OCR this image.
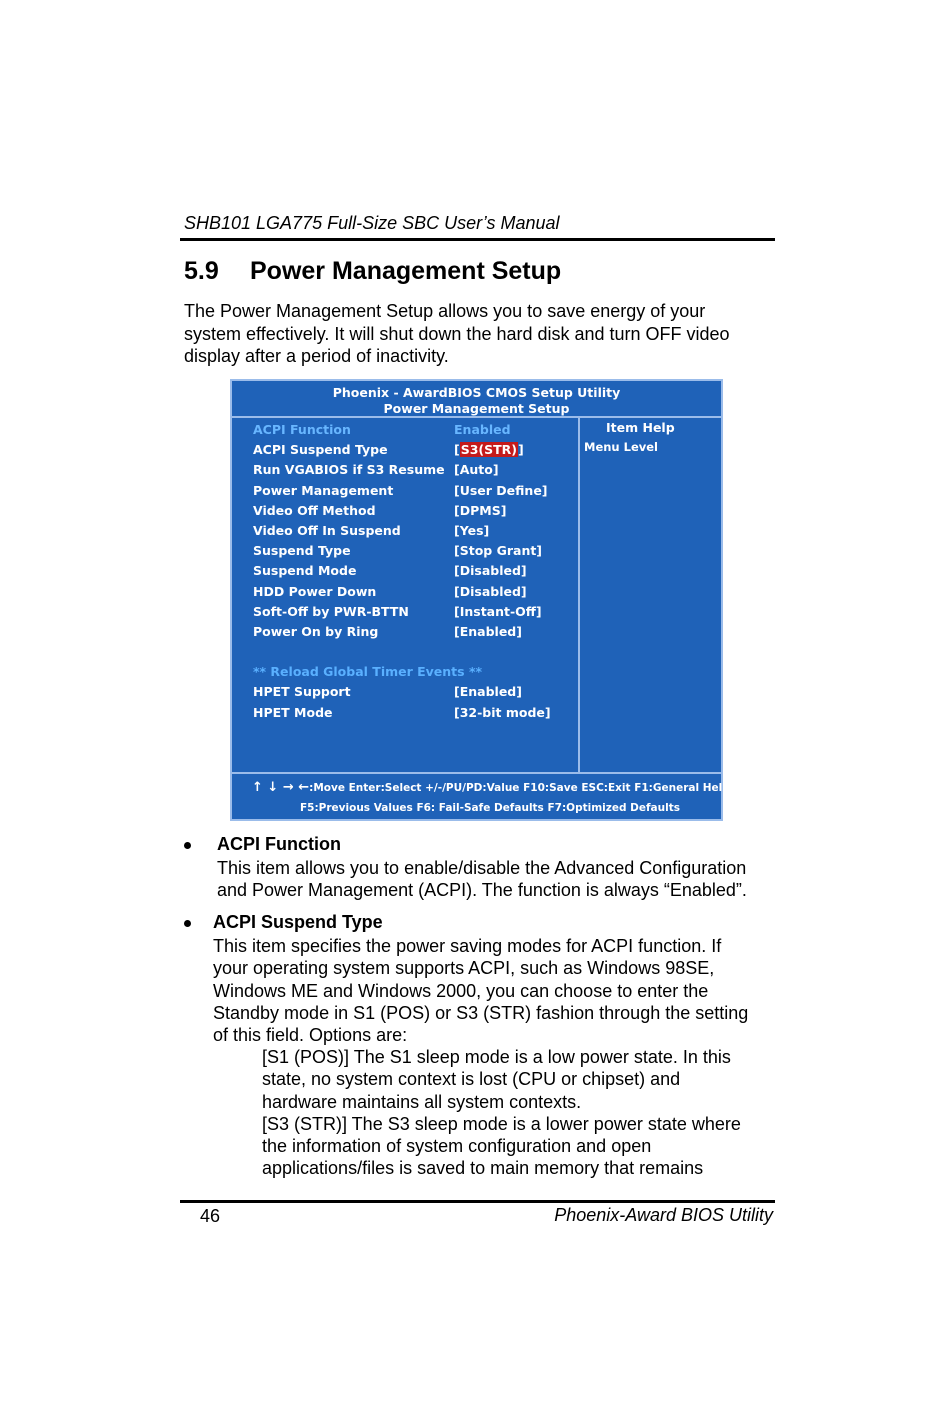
SHB101 LGA775 Full-Size SBC User’s Manual
5.9 Power Management Setup
The Power Management Setup allows you to save energy of your
system effectively. It will shut down the hard disk and turn OFF video
display after a period of inactivity.
Phoenix - AwardBIOS CMOS Setup Utility
Power Management Setup
ACPI Function	Enabled
ACPI Suspend Type	[S3(STR)]
Run VGABIOS if S3 Resume [Auto]
Power Management	[User Define]
Video Off Method	[DPMS]
Video Off In Suspend	[Yes]
Suspend Type	[Stop Grant]
Suspend Mode	[Disabled]
HDD Power Down	[Disabled]
Soft-Off by PWR-BTTN	[Instant-Off]
Power On by Ring	[Enabled]
** Reload Global Timer Events **
HPET Support	[Enabled]
HPET Mode	[32-bit mode]
Item Help
Menu Level
↑ ↓ → ←:Move Enter:Select +/-/PU/PD:Value F10:Save ESC:Exit F1:General Help
F5:Previous Values F6: Fail-Safe Defaults F7:Optimized Defaults
ACPI Function
This item allows you to enable/disable the Advanced Configuration
and Power Management (ACPI). The function is always “Enabled”.
ACPI Suspend Type
This item specifies the power saving modes for ACPI function. If
your operating system supports ACPI, such as Windows 98SE,
Windows ME and Windows 2000, you can choose to enter the
Standby mode in S1 (POS) or S3 (STR) fashion through the setting
of this field. Options are:
[S1 (POS)] The S1 sleep mode is a low power state. In this
state, no system context is lost (CPU or chipset) and
hardware maintains all system contexts.
[S3 (STR)] The S3 sleep mode is a lower power state where
the information of system configuration and open
applications/files is saved to main memory that remains
46	Phoenix-Award BIOS Utility
